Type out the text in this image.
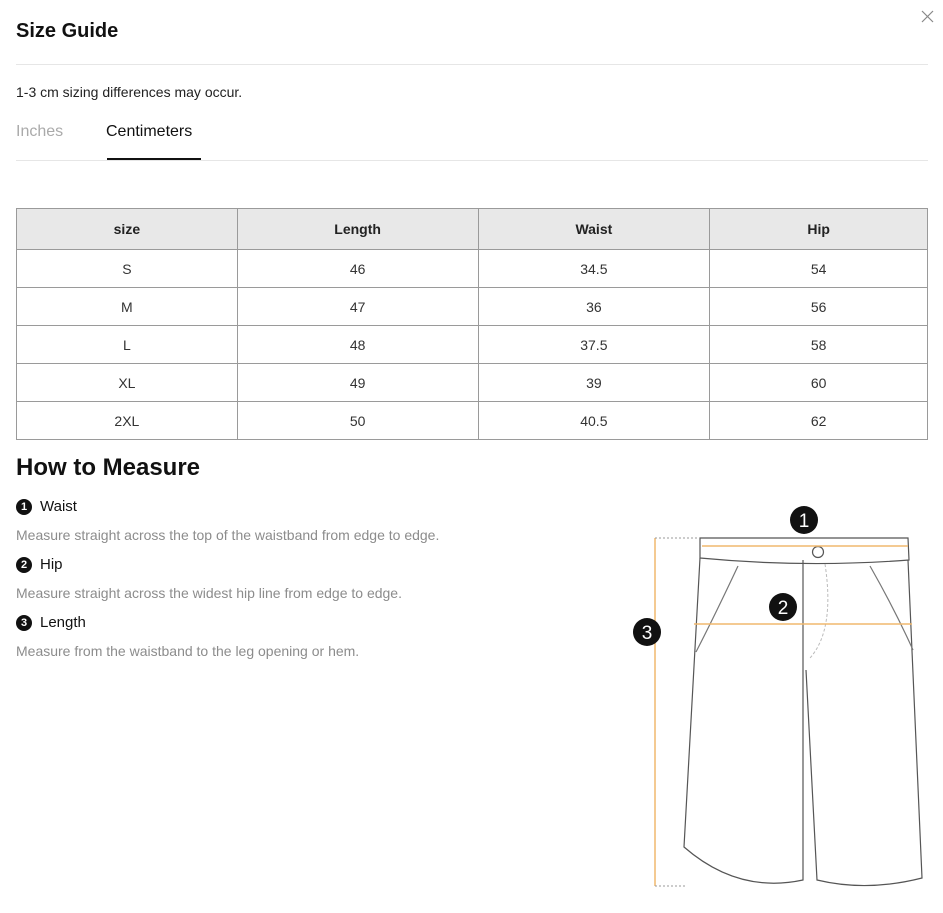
Size Guide
1-3 cm sizing differences may occur.
Inches	Centimeters
size	Length	Waist	Hip
S	46	34.5	54
M	47	36	56
L	48	37.5	58
XL	49	39	60
2XL	50	40.5	62
How to Measure
1 Waist
Measure straight across the top of the waistband from edge to edge.
2 Hip
Measure straight across the widest hip line from edge to edge.
3 Length
Measure from the waistband to the leg opening or hem.
1
2
3
